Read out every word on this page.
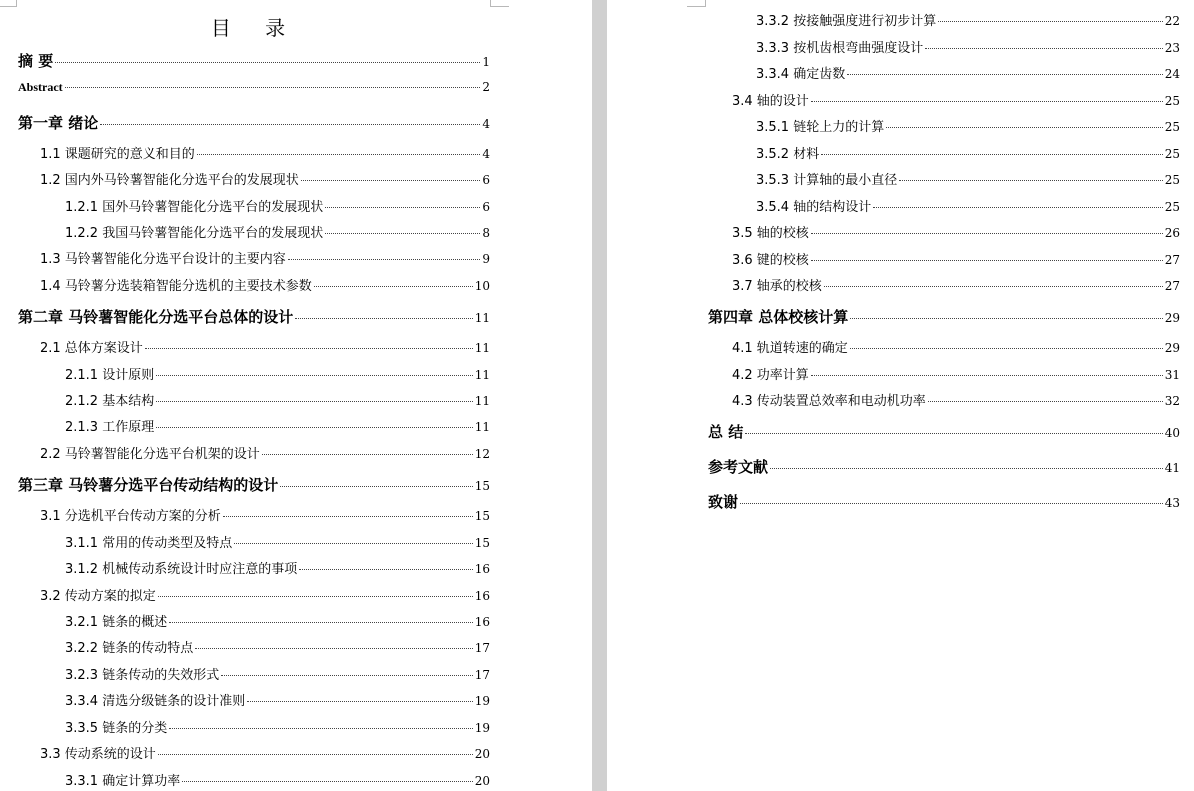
目 录
摘 要	1
Abstract	2
第一章 绪论	4
1.1 课题研究的意义和目的	4
1.2 国内外马铃薯智能化分选平台的发展现状	6
1.2.1 国外马铃薯智能化分选平台的发展现状	6
1.2.2 我国马铃薯智能化分选平台的发展现状	8
1.3 马铃薯智能化分选平台设计的主要内容	9
1.4 马铃薯分选装箱智能分选机的主要技术参数	10
第二章 马铃薯智能化分选平台总体的设计	11
2.1 总体方案设计	11
2.1.1 设计原则	11
2.1.2 基本结构	11
2.1.3 工作原理	11
2.2 马铃薯智能化分选平台机架的设计	12
第三章 马铃薯分选平台传动结构的设计	15
3.1 分选机平台传动方案的分析	15
3.1.1 常用的传动类型及特点	15
3.1.2 机械传动系统设计时应注意的事项	16
3.2 传动方案的拟定	16
3.2.1 链条的概述	16
3.2.2 链条的传动特点	17
3.2.3 链条传动的失效形式	17
3.3.4 清选分级链条的设计准则	19
3.3.5 链条的分类	19
3.3 传动系统的设计	20
3.3.1 确定计算功率	20
3.3.2 按接触强度进行初步计算	22
3.3.3 按机齿根弯曲强度设计	23
3.3.4 确定齿数	24
3.4 轴的设计	25
3.5.1 链轮上力的计算	25
3.5.2 材料	25
3.5.3 计算轴的最小直径	25
3.5.4 轴的结构设计	25
3.5 轴的校核	26
3.6 键的校核	27
3.7 轴承的校核	27
第四章 总体校核计算	29
4.1 轨道转速的确定	29
4.2 功率计算	31
4.3 传动装置总效率和电动机功率	32
总 结	40
参考文献	41
致谢	43
